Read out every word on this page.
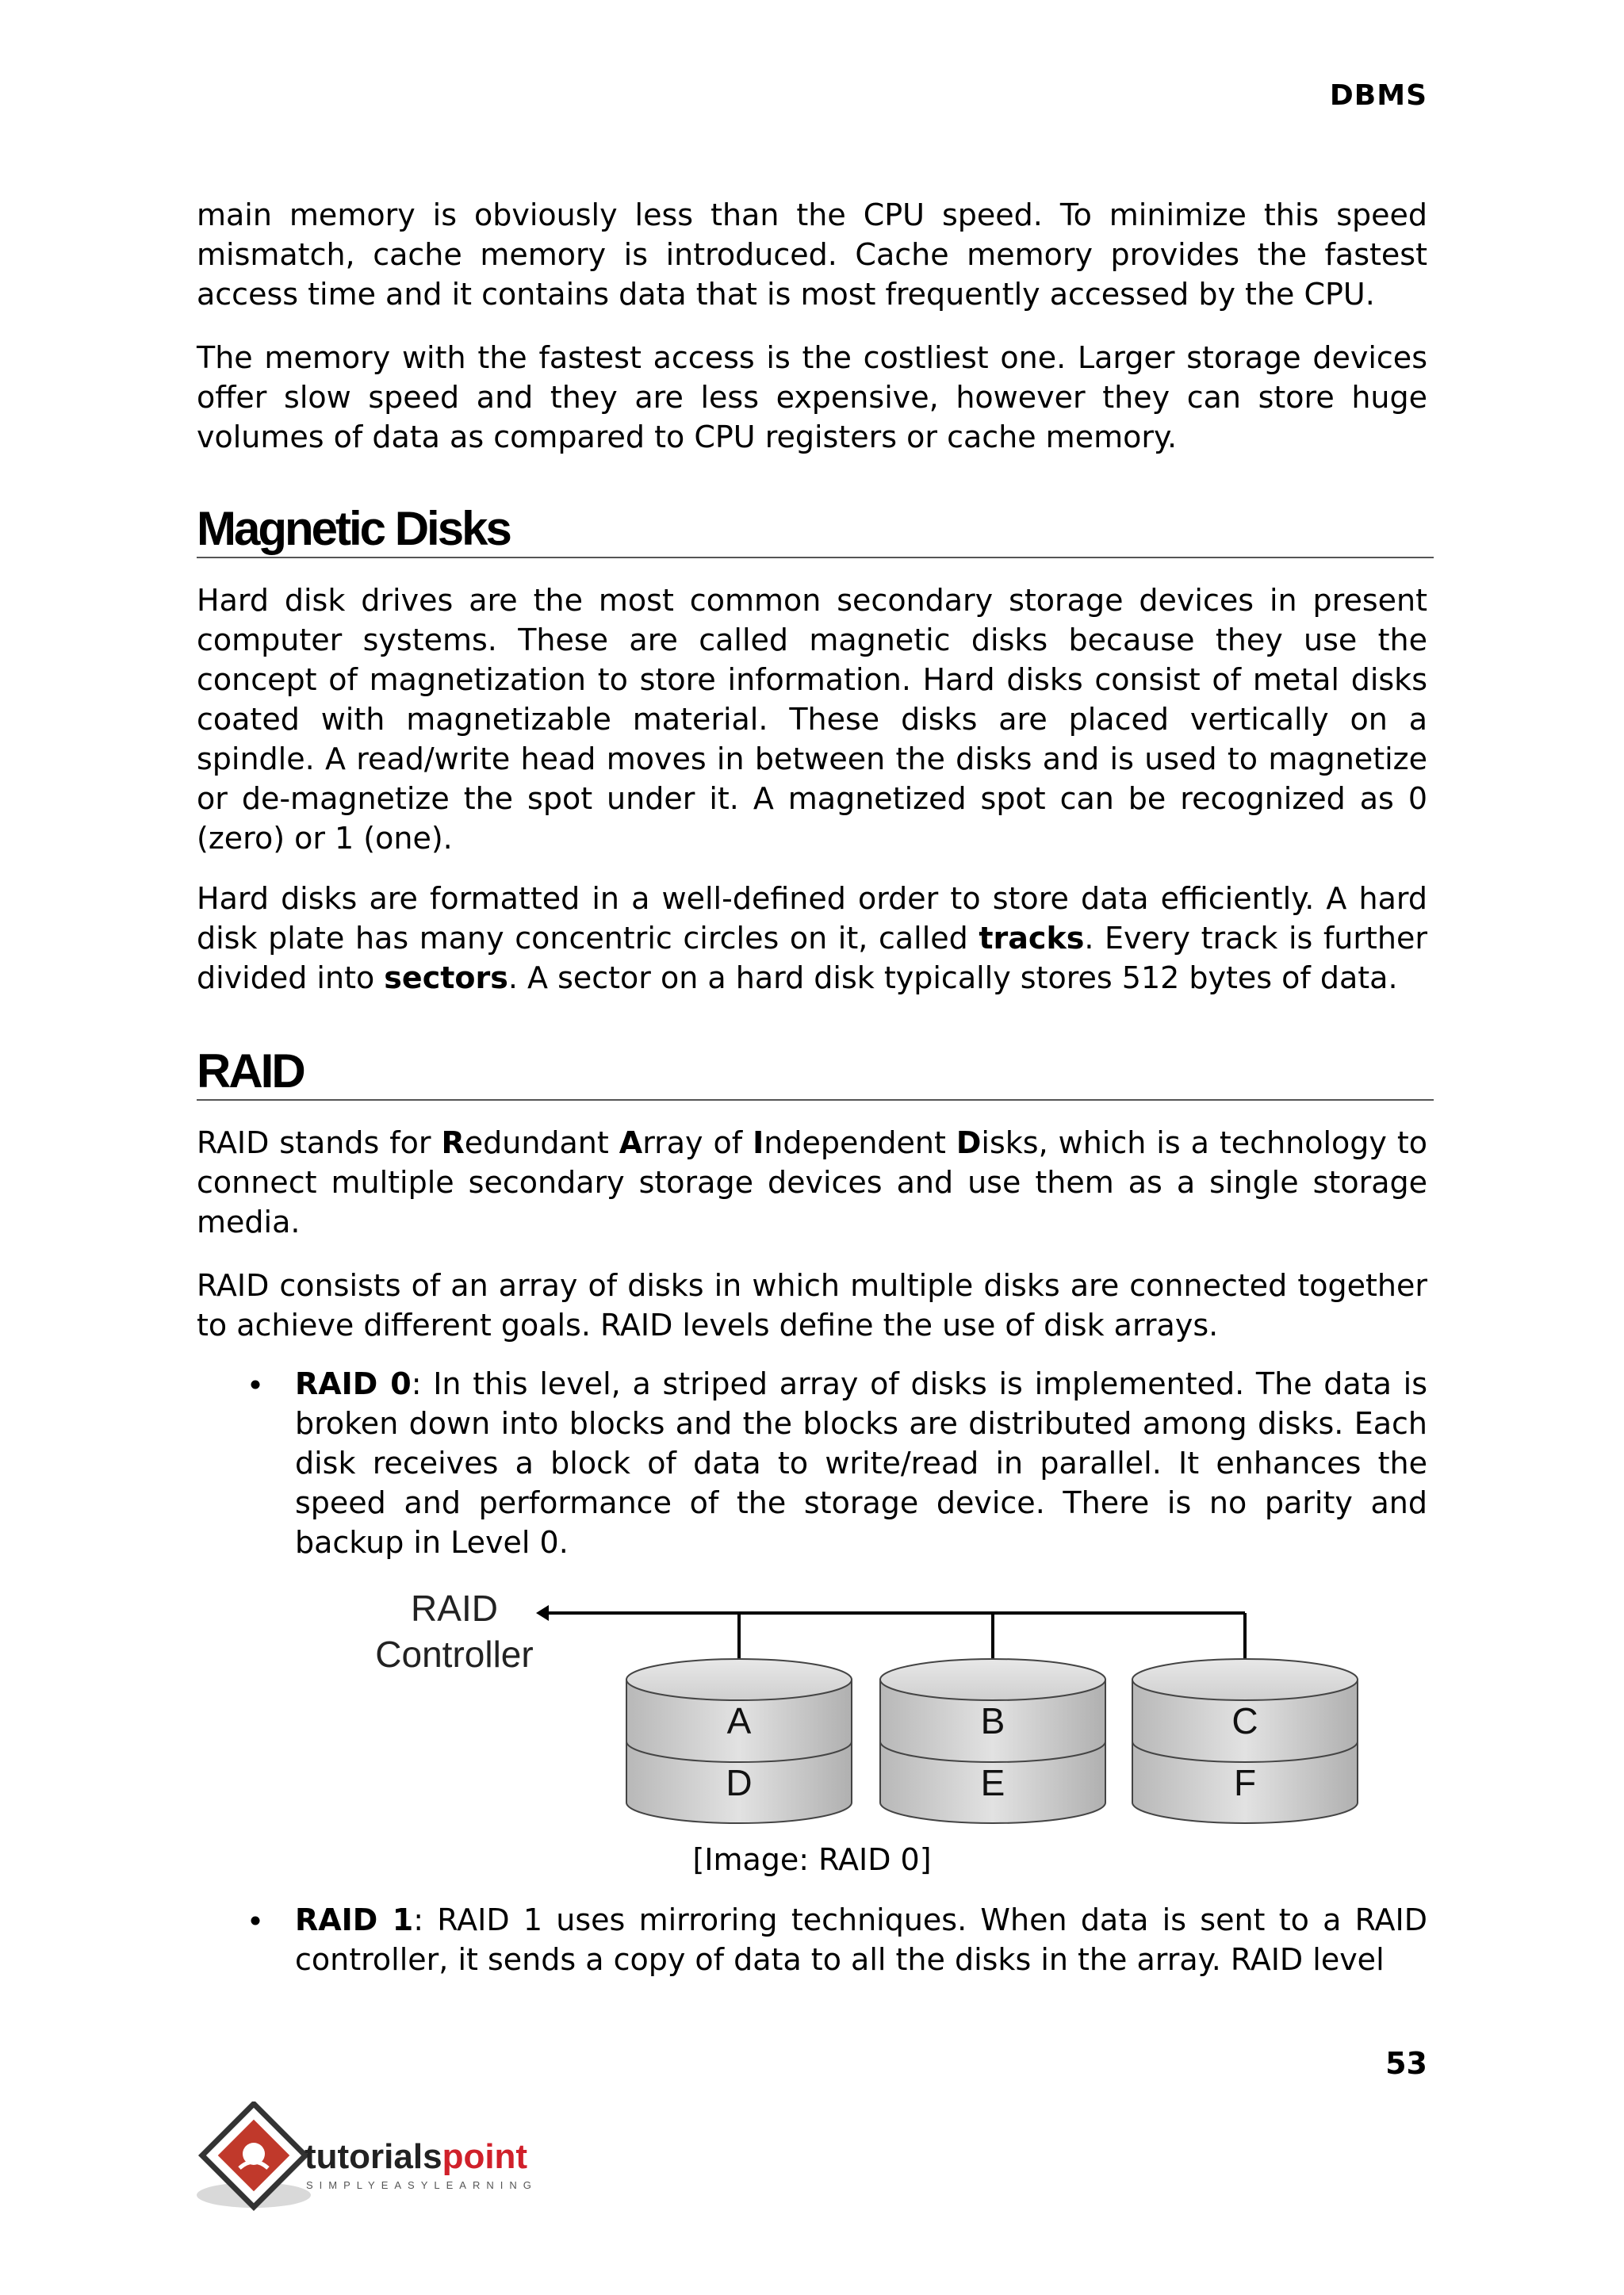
DBMS
main memory is obviously less than the CPU speed. To minimize this speed mismatch, cache memory is introduced. Cache memory provides the fastest access time and it contains data that is most frequently accessed by the CPU.
The memory with the fastest access is the costliest one. Larger storage devices offer slow speed and they are less expensive, however they can store huge volumes of data as compared to CPU registers or cache memory.
Magnetic Disks
Hard disk drives are the most common secondary storage devices in present computer systems. These are called magnetic disks because they use the concept of magnetization to store information. Hard disks consist of metal disks coated with magnetizable material. These disks are placed vertically on a spindle. A read/write head moves in between the disks and is used to magnetize or de-magnetize the spot under it. A magnetized spot can be recognized as 0 (zero) or 1 (one).
Hard disks are formatted in a well-defined order to store data efficiently. A hard disk plate has many concentric circles on it, called tracks. Every track is further divided into sectors. A sector on a hard disk typically stores 512 bytes of data.
RAID
RAID stands for Redundant Array of Independent Disks, which is a technology to connect multiple secondary storage devices and use them as a single storage media.
RAID consists of an array of disks in which multiple disks are connected together to achieve different goals. RAID levels define the use of disk arrays.
RAID 0: In this level, a striped array of disks is implemented. The data is broken down into blocks and the blocks are distributed among disks. Each disk receives a block of data to write/read in parallel. It enhances the speed and performance of the storage device. There is no parity and backup in Level 0.
RAID
Controller
A
D
B
E
C
F
[Image: RAID 0]
RAID 1: RAID 1 uses mirroring techniques. When data is sent to a RAID controller, it sends a copy of data to all the disks in the array. RAID level
53
tutorialspoint
SIMPLYEASYLEARNING
